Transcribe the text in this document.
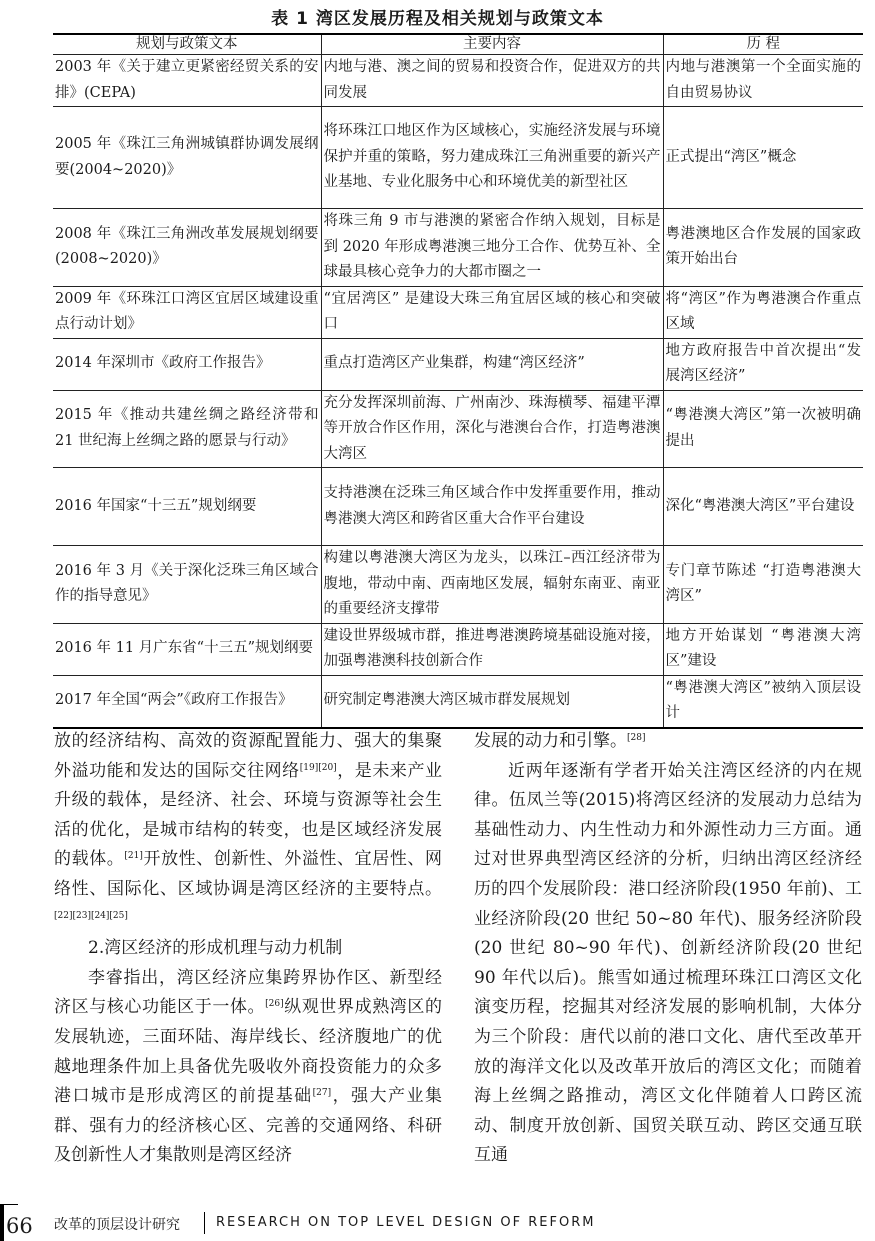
表 1 湾区发展历程及相关规划与政策文本
规划与政策文本	主要内容	历 程
2003 年《关于建立更紧密经贸关系的安排》(CEPA)	内地与港、澳之间的贸易和投资合作，促进双方的共同发展	内地与港澳第一个全面实施的自由贸易协议
2005 年《珠江三角洲城镇群协调发展纲要(2004~2020)》	将环珠江口地区作为区域核心，实施经济发展与环境保护并重的策略，努力建成珠江三角洲重要的新兴产业基地、专业化服务中心和环境优美的新型社区	正式提出“湾区”概念
2008 年《珠江三角洲改革发展规划纲要(2008~2020)》	将珠三角 9 市与港澳的紧密合作纳入规划，目标是到 2020 年形成粤港澳三地分工合作、优势互补、全球最具核心竞争力的大都市圈之一	粤港澳地区合作发展的国家政策开始出台
2009 年《环珠江口湾区宜居区域建设重点行动计划》	“宜居湾区” 是建设大珠三角宜居区域的核心和突破口	将“湾区”作为粤港澳合作重点区域
2014 年深圳市《政府工作报告》	重点打造湾区产业集群，构建“湾区经济”	地方政府报告中首次提出“发展湾区经济”
2015 年《推动共建丝绸之路经济带和 21 世纪海上丝绸之路的愿景与行动》	充分发挥深圳前海、广州南沙、珠海横琴、福建平潭等开放合作区作用，深化与港澳台合作，打造粤港澳大湾区	“粤港澳大湾区”第一次被明确提出
2016 年国家“十三五”规划纲要	支持港澳在泛珠三角区域合作中发挥重要作用，推动粤港澳大湾区和跨省区重大合作平台建设	深化“粤港澳大湾区”平台建设
2016 年 3 月《关于深化泛珠三角区域合作的指导意见》	构建以粤港澳大湾区为龙头，以珠江–西江经济带为腹地，带动中南、西南地区发展，辐射东南亚、南亚的重要经济支撑带	专门章节陈述 “打造粤港澳大湾区”
2016 年 11 月广东省“十三五”规划纲要	建设世界级城市群，推进粤港澳跨境基础设施对接，加强粤港澳科技创新合作	地方开始谋划 “粤港澳大湾区”建设
2017 年全国“两会”《政府工作报告》	研究制定粤港澳大湾区城市群发展规划	“粤港澳大湾区”被纳入顶层设计

放的经济结构、高效的资源配置能力、强大的集聚外溢功能和发达的国际交往网络[19][20]，是未来产业升级的载体，是经济、社会、环境与资源等社会生活的优化，是城市结构的转变，也是区域经济发展的载体。[21]开放性、创新性、外溢性、宜居性、网络性、国际化、区域协调是湾区经济的主要特点。[22][23][24][25]

2.湾区经济的形成机理与动力机制

李睿指出，湾区经济应集跨界协作区、新型经济区与核心功能区于一体。[26]纵观世界成熟湾区的发展轨迹，三面环陆、海岸线长、经济腹地广的优越地理条件加上具备优先吸收外商投资能力的众多港口城市是形成湾区的前提基础[27]，强大产业集群、强有力的经济核心区、完善的交通网络、科研及创新性人才集散则是湾区经济

发展的动力和引擎。[28]

近两年逐渐有学者开始关注湾区经济的内在规律。伍凤兰等(2015)将湾区经济的发展动力总结为基础性动力、内生性动力和外源性动力三方面。通过对世界典型湾区经济的分析，归纳出湾区经济经历的四个发展阶段：港口经济阶段(1950 年前)、工业经济阶段(20 世纪 50~80 年代)、服务经济阶段(20 世纪 80~90 年代)、创新经济阶段(20 世纪 90 年代以后)。熊雪如通过梳理环珠江口湾区文化演变历程，挖掘其对经济发展的影响机制，大体分为三个阶段：唐代以前的港口文化、唐代至改革开放的海洋文化以及改革开放后的湾区文化；而随着海上丝绸之路推动，湾区文化伴随着人口跨区流动、制度开放创新、国贸关联互动、跨区交通互联互通

66 改革的顶层设计研究	RESEARCH ON TOP LEVEL DESIGN OF REFORM
